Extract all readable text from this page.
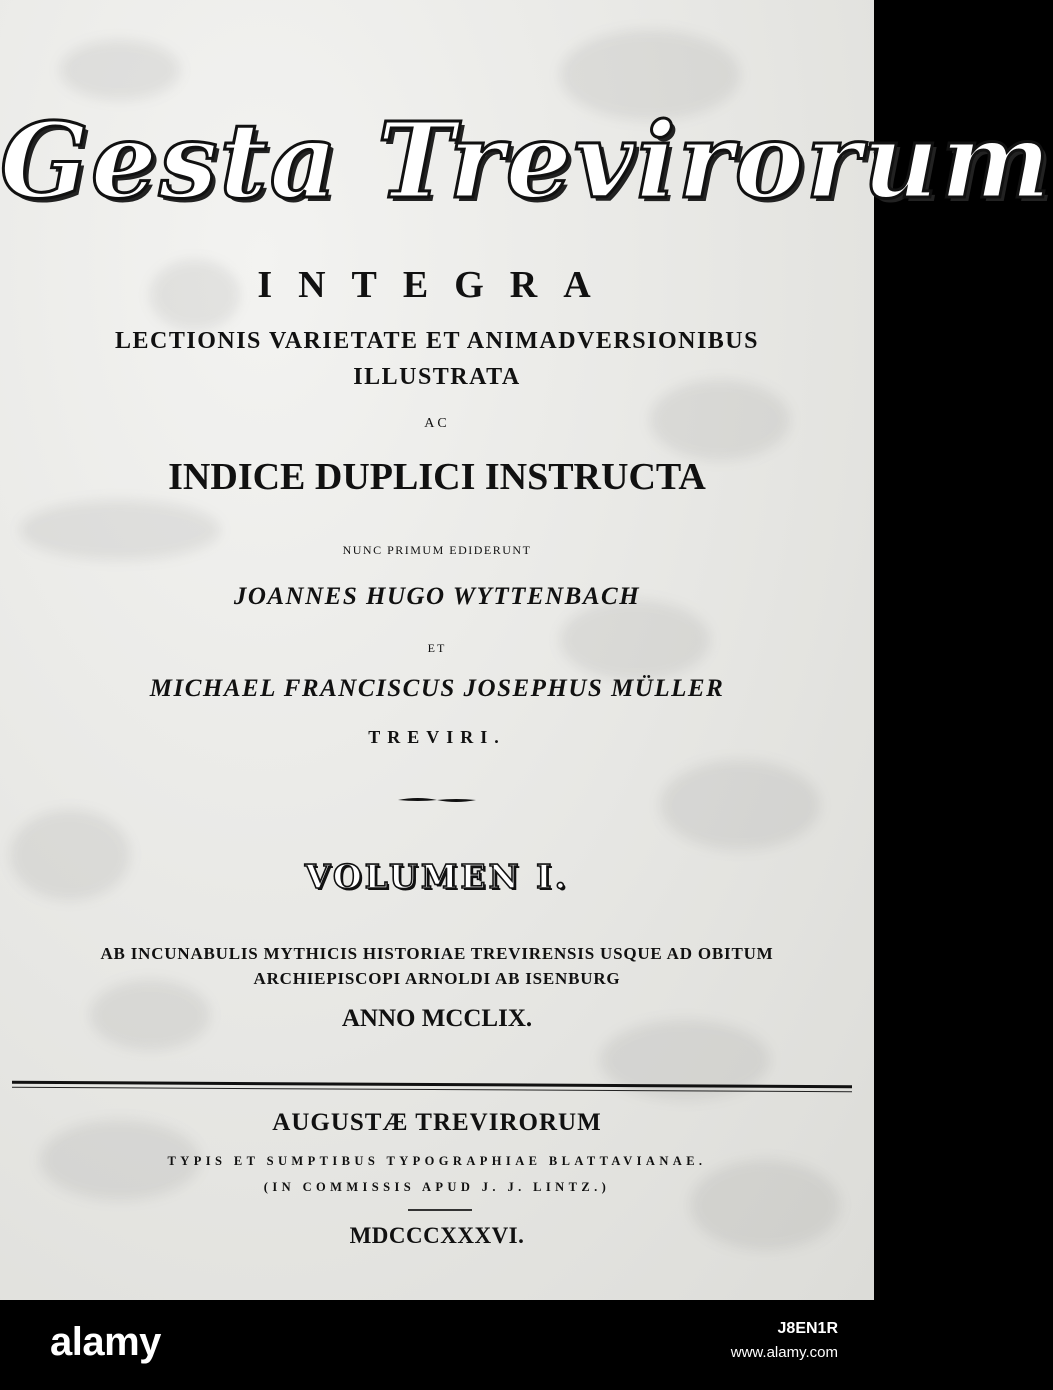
Gesta Trevirorum
INTEGRA
LECTIONIS VARIETATE ET ANIMADVERSIONIBUS
ILLUSTRATA
AC
INDICE DUPLICI INSTRUCTA
NUNC PRIMUM EDIDERUNT
JOANNES HUGO WYTTENBACH
ET
MICHAEL FRANCISCUS JOSEPHUS MÜLLER
TREVIRI.
VOLUMEN I.
AB INCUNABULIS MYTHICIS HISTORIAE TREVIRENSIS USQUE AD OBITUM
ARCHIEPISCOPI ARNOLDI AB ISENBURG
ANNO MCCLIX.
AUGUSTÆ TREVIRORUM
TYPIS ET SUMPTIBUS TYPOGRAPHIAE BLATTAVIANAE.
(IN COMMISSIS APUD J. J. LINTZ.)
MDCCCXXXVI.
alamy	J8EN1R
www.alamy.com
